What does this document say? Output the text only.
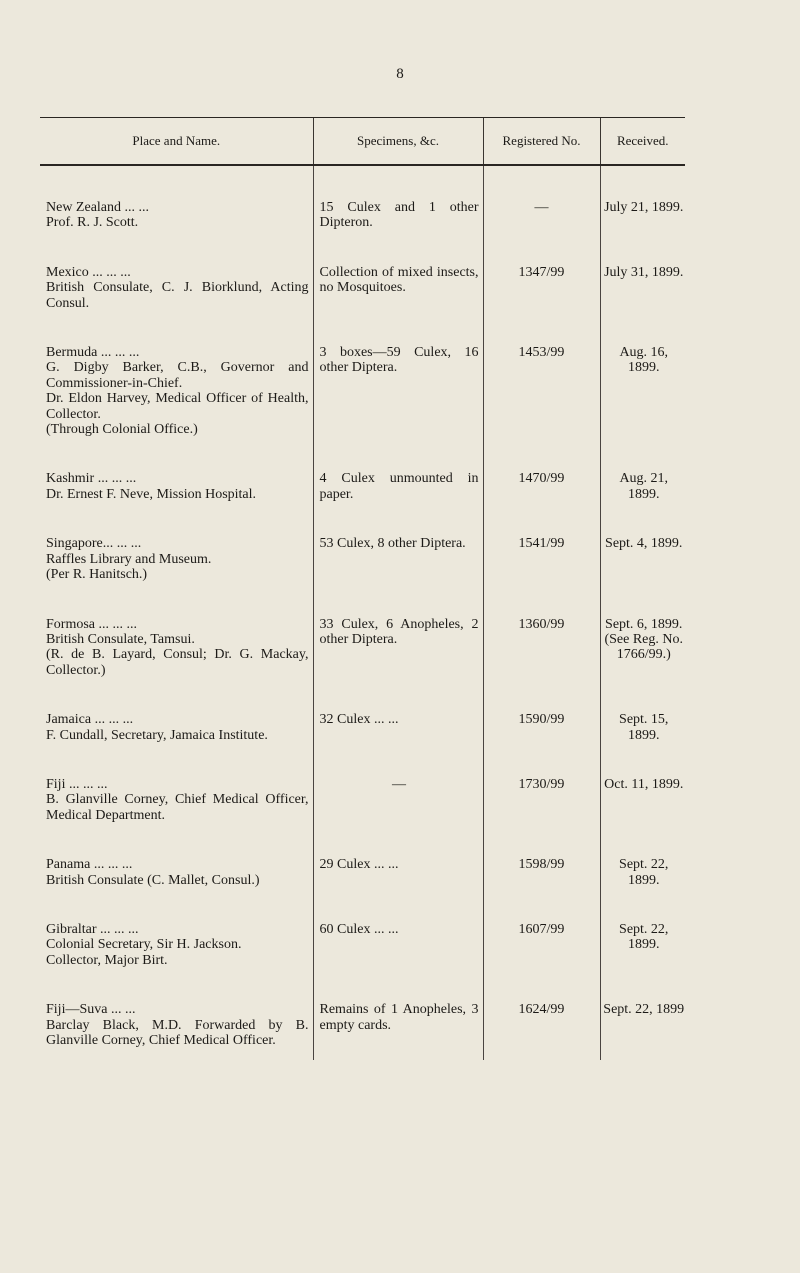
8
Place and Name.	Specimens, &c.	Registered No.	Received.

New Zealand ... ...
Prof. R. J. Scott.	15 Culex and 1 other Dipteron.	—	July 21, 1899.

Mexico ... ... ...
British Consulate, C. J. Biorklund, Acting Consul.	Collection of mixed insects, no Mosquitoes.	1347/99	July 31, 1899.

Bermuda ... ... ...
G. Digby Barker, C.B., Governor and Commissioner-in-Chief.
Dr. Eldon Harvey, Medical Officer of Health, Collector.
(Through Colonial Office.)	3 boxes—59 Culex, 16 other Diptera.	1453/99	Aug. 16, 1899.

Kashmir ... ... ...
Dr. Ernest F. Neve, Mission Hospital.	4 Culex unmounted in paper.	1470/99	Aug. 21, 1899.

Singapore... ... ...
Raffles Library and Museum.
(Per R. Hanitsch.)	53 Culex, 8 other Diptera.	1541/99	Sept. 4, 1899.

Formosa ... ... ...
British Consulate, Tamsui.
(R. de B. Layard, Consul; Dr. G. Mackay, Collector.)	33 Culex, 6 Anopheles, 2 other Diptera.	1360/99	Sept. 6, 1899.
(See Reg. No. 1766/99.)

Jamaica ... ... ...
F. Cundall, Secretary, Jamaica Institute.	32 Culex ... ...	1590/99	Sept. 15, 1899.

Fiji ... ... ...
B. Glanville Corney, Chief Medical Officer, Medical Department.	—	1730/99	Oct. 11, 1899.

Panama ... ... ...
British Consulate (C. Mallet, Consul.)	29 Culex ... ...	1598/99	Sept. 22, 1899.

Gibraltar ... ... ...
Colonial Secretary, Sir H. Jackson.
Collector, Major Birt.	60 Culex ... ...	1607/99	Sept. 22, 1899.

Fiji—Suva ... ...
Barclay Black, M.D. Forwarded by B. Glanville Corney, Chief Medical Officer.	Remains of 1 Anopheles, 3 empty cards.	1624/99	Sept. 22, 1899
